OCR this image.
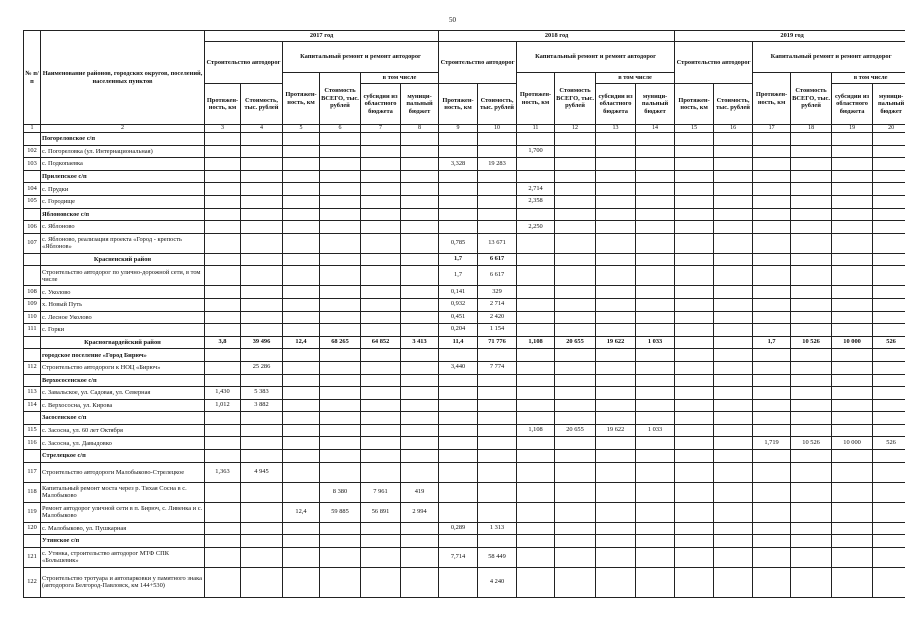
50
№ п/п	Наименование районов, городских округов, поселений, населенных пунктов	2017 год						2018 год						2019 год					
		Строительство автодорог		Капитальный ремонт и ремонт автодорог				Строительство автодорог		Капитальный ремонт и ремонт автодорог				Строительство автодорог		Капитальный ремонт и ремонт автодорог			
				Протяжен-ность, км	Стоимость ВСЕГО, тыс. рублей	в том числе				Протяжен-ность, км	Стоимость ВСЕГО, тыс. рублей	в том числе				Протяжен-ность, км	Стоимость ВСЕГО, тыс. рублей	в том числе	
		Протяжен-ность, км	Стоимость, тыс. рублей			субсидии из областного бюджета	муници-пальный бюджет	Протяжен-ность, км	Стоимость, тыс. рублей			субсидии из областного бюджета	муници-пальный бюджет	Протяжен-ность, км	Стоимость, тыс. рублей			субсидии из областного бюджета	муници-пальный бюджет
1	2	3	4	5	6	7	8	9	10	11	12	13	14	15	16	17	18	19	20
	Погореловское с/п																		
102	с. Погореловка (ул. Интернациональная)									1,700									
103	с. Подкопаевка							3,328	19 283										
	Прилепское с/п																		
104	с. Прудки									2,714									
105	с. Городище									2,358									
	Яблоновское с/п																		
106	с. Яблоново									2,250									
107	с. Яблоново, реализация проекта «Город - крепость «Яблонов»							0,785	13 671										
	Красненский район							1,7	6 617										
	Строительство автодорог по улично-дорожной сети, в том числе							1,7	6 617										
108	с. Уколово							0,141	329										
109	х. Новый Путь							0,932	2 714										
110	с. Лесное Уколово							0,451	2 420										
111	с. Горки							0,204	1 154										
	Красногвардейский район	3,8	39 496	12,4	68 265	64 852	3 413	11,4	71 776	1,108	20 655	19 622	1 033			1,7	10 526	10 000	526
	городское поселение «Город Бирюч»																		
112	Строительство автодороги к НОЦ «Бирюч»		25 286					3,440	7 774										
	Верхососенское с/п																		
113	с. Завальское, ул. Садовая, ул. Северная	1,430	5 383																
114	с. Верхососна, ул. Кирова	1,012	3 882																
	Засосенское с/п																		
115	с. Засосна, ул. 60 лет Октября									1,108	20 655	19 622	1 033						
116	с. Засосна, ул. Давыдовко															1,719	10 526	10 000	526
	Стрелецкое с/п																		
117	Строительство автодороги Малобыково-Стрелецкое	1,363	4 945																
118	Капитальный ремонт моста через р. Тихая Сосна в с. Малобыково				8 380	7 961	419												
119	Ремонт автодорог уличной сети в п. Бирюч, с. Ливенка и с. Малобыково			12,4	59 885	56 891	2 994												
120	с. Малобыково, ул. Пушкарная							0,289	1 313										
	Утянское с/п																		
121	с. Утянка, строительство автодорог МТФ СПК «Большевик»							7,714	58 449										
122	Строительство тротуара и автопарковки у памятного знака (автодорога Белгород-Павловск, км 144+530)								4 240										
